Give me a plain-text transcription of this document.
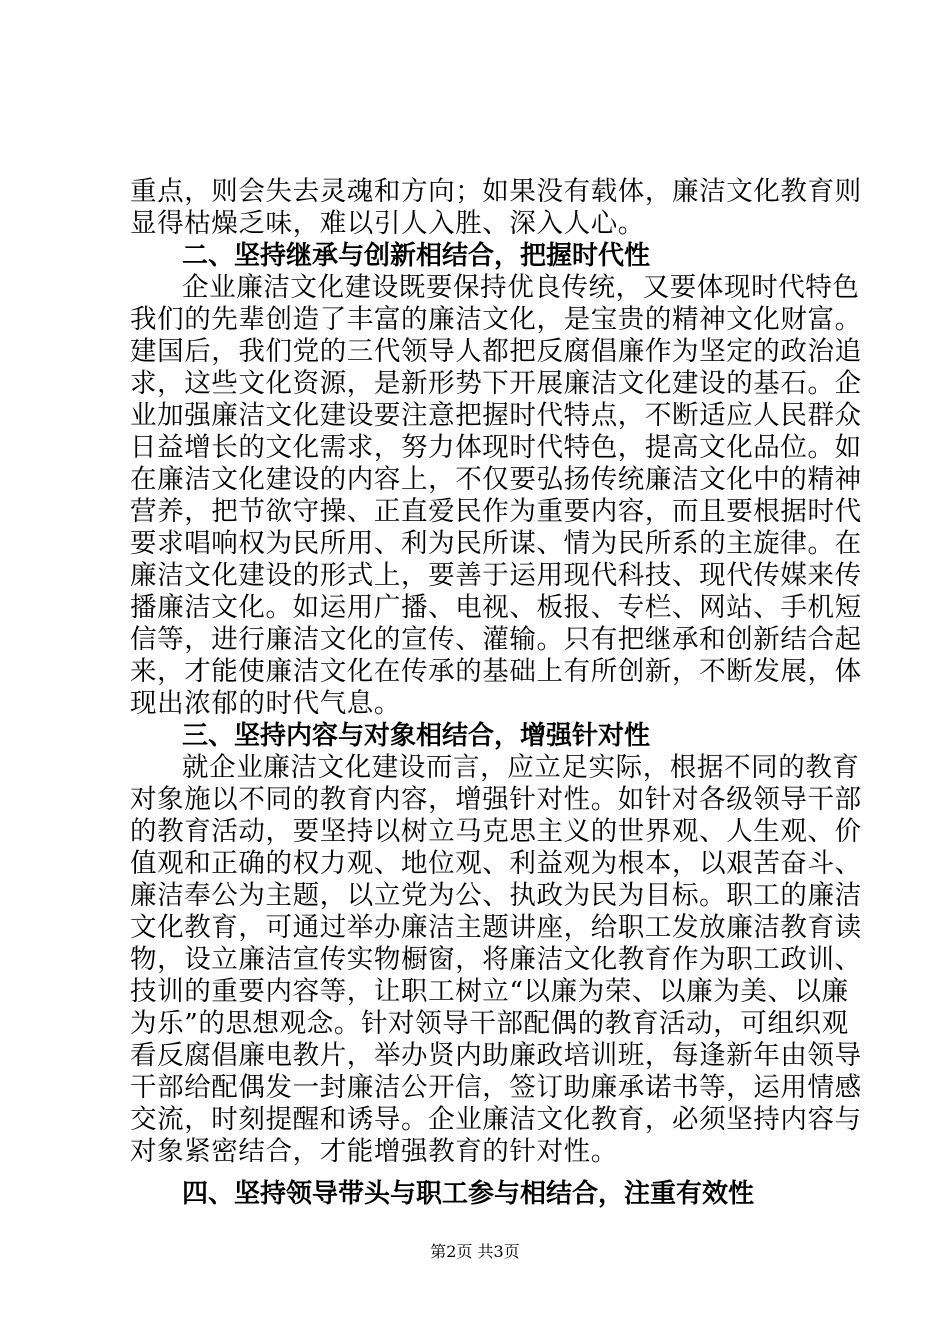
重点，则会失去灵魂和方向；如果没有载体，廉洁文化教育则
显得枯燥乏味，难以引人入胜、深入人心。
二、坚持继承与创新相结合，把握时代性
企业廉洁文化建设既要保持优良传统，又要体现时代特色
我们的先辈创造了丰富的廉洁文化，是宝贵的精神文化财富。
建国后，我们党的三代领导人都把反腐倡廉作为坚定的政治追
求，这些文化资源，是新形势下开展廉洁文化建设的基石。企
业加强廉洁文化建设要注意把握时代特点，不断适应人民群众
日益增长的文化需求，努力体现时代特色，提高文化品位。如
在廉洁文化建设的内容上，不仅要弘扬传统廉洁文化中的精神
营养，把节欲守操、正直爱民作为重要内容，而且要根据时代
要求唱响权为民所用、利为民所谋、情为民所系的主旋律。在
廉洁文化建设的形式上，要善于运用现代科技、现代传媒来传
播廉洁文化。如运用广播、电视、板报、专栏、网站、手机短
信等，进行廉洁文化的宣传、灌输。只有把继承和创新结合起
来，才能使廉洁文化在传承的基础上有所创新，不断发展，体
现出浓郁的时代气息。
三、坚持内容与对象相结合，增强针对性
就企业廉洁文化建设而言，应立足实际，根据不同的教育
对象施以不同的教育内容，增强针对性。如针对各级领导干部
的教育活动，要坚持以树立马克思主义的世界观、人生观、价
值观和正确的权力观、地位观、利益观为根本，以艰苦奋斗、
廉洁奉公为主题，以立党为公、执政为民为目标。职工的廉洁
文化教育，可通过举办廉洁主题讲座，给职工发放廉洁教育读
物，设立廉洁宣传实物橱窗，将廉洁文化教育作为职工政训、
技训的重要内容等，让职工树立“以廉为荣、以廉为美、以廉
为乐”的思想观念。针对领导干部配偶的教育活动，可组织观
看反腐倡廉电教片，举办贤内助廉政培训班，每逢新年由领导
干部给配偶发一封廉洁公开信，签订助廉承诺书等，运用情感
交流，时刻提醒和诱导。企业廉洁文化教育，必须坚持内容与
对象紧密结合，才能增强教育的针对性。
四、坚持领导带头与职工参与相结合，注重有效性
第2页 共3页
